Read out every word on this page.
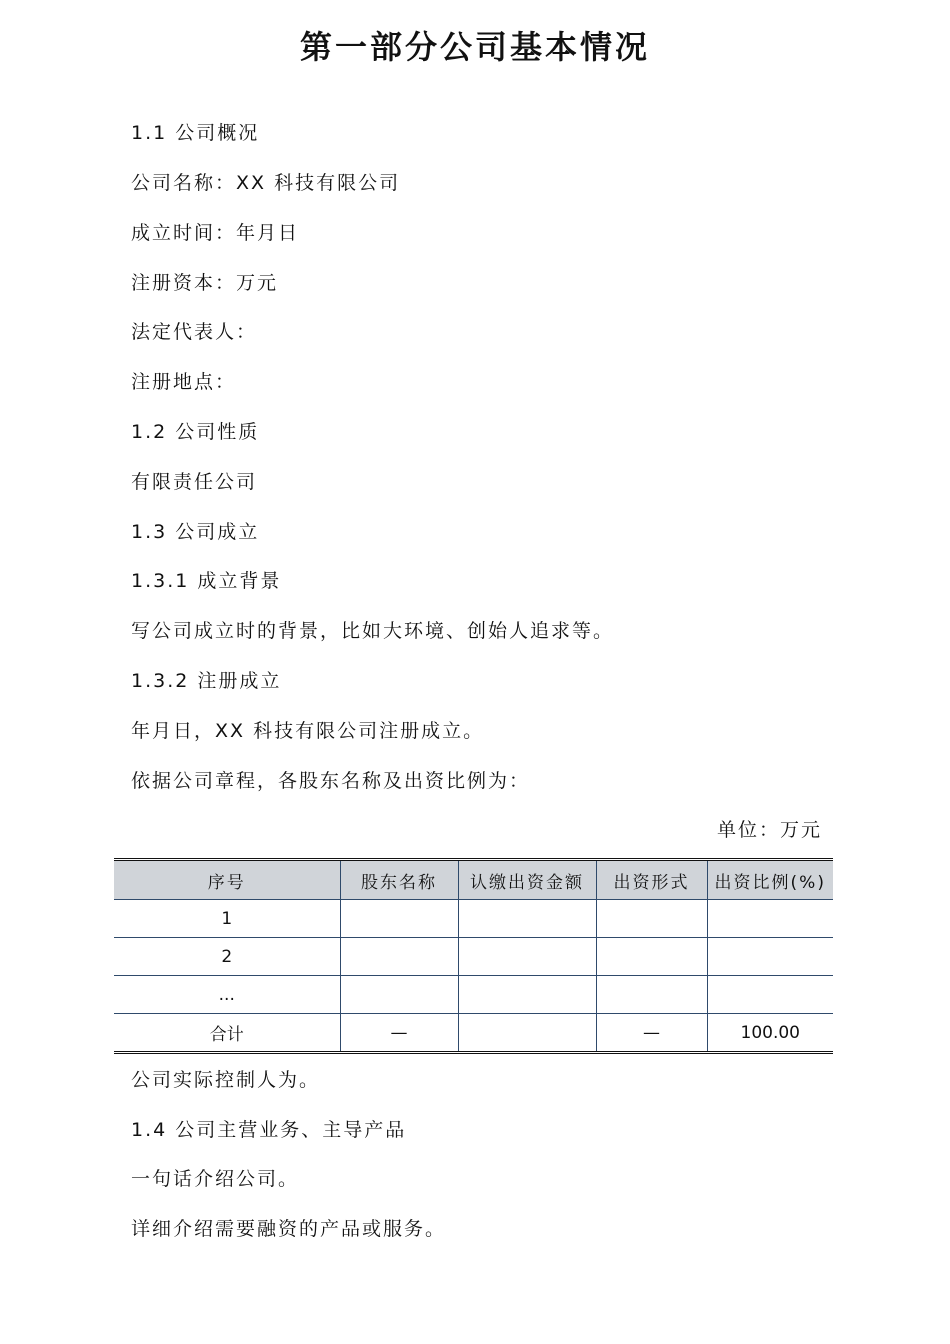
第一部分公司基本情况
1.1 公司概况
公司名称：XX 科技有限公司
成立时间：年月日
注册资本：万元
法定代表人：
注册地点：
1.2 公司性质
有限责任公司
1.3 公司成立
1.3.1 成立背景
写公司成立时的背景，比如大环境、创始人追求等。
1.3.2 注册成立
年月日，XX 科技有限公司注册成立。
依据公司章程，各股东名称及出资比例为：
单位：万元
序号	股东名称	认缴出资金额	出资形式	出资比例(%)
1				
2				
...				
合计	—		—	100.00
公司实际控制人为。
1.4 公司主营业务、主导产品
一句话介绍公司。
详细介绍需要融资的产品或服务。
